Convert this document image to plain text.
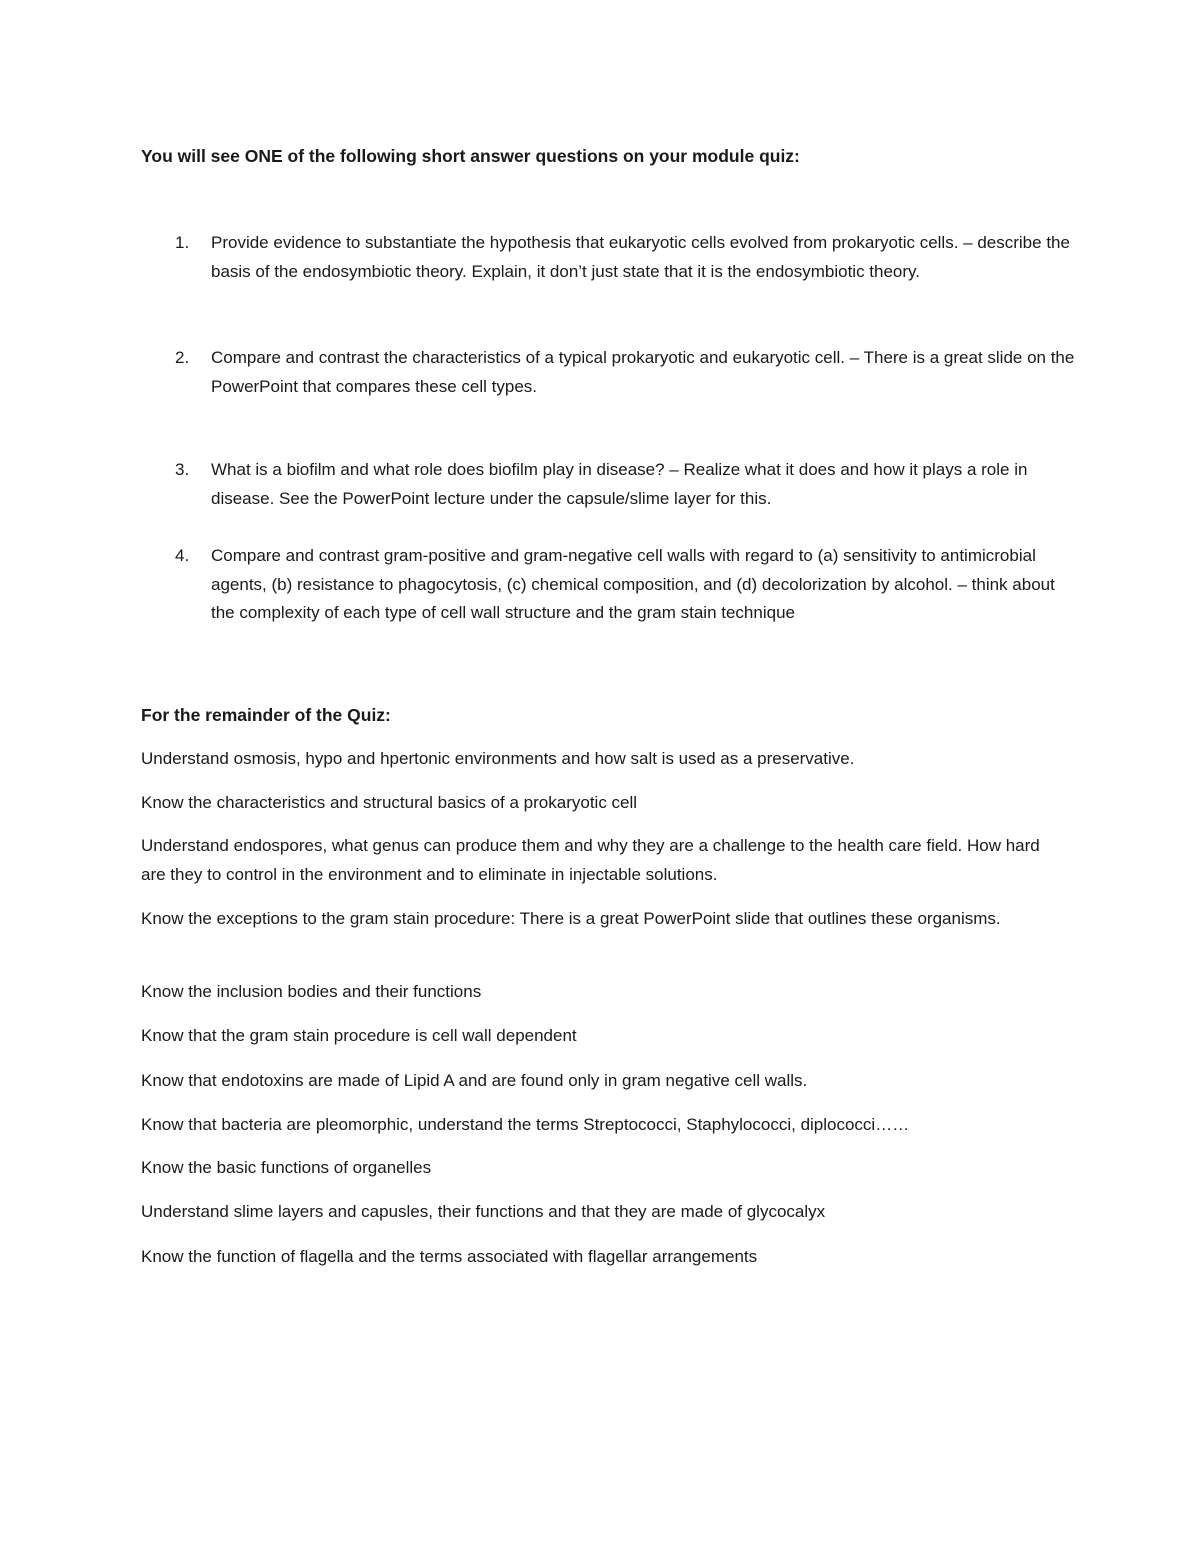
You will see ONE of the following short answer questions on your module quiz:
1. Provide evidence to substantiate the hypothesis that eukaryotic cells evolved from prokaryotic cells. – describe the basis of the endosymbiotic theory. Explain, it don’t just state that it is the endosymbiotic theory.
2. Compare and contrast the characteristics of a typical prokaryotic and eukaryotic cell. – There is a great slide on the PowerPoint that compares these cell types.
3. What is a biofilm and what role does biofilm play in disease? – Realize what it does and how it plays a role in disease. See the PowerPoint lecture under the capsule/slime layer for this.
4. Compare and contrast gram-positive and gram-negative cell walls with regard to (a) sensitivity to antimicrobial agents, (b) resistance to phagocytosis, (c) chemical composition, and (d) decolorization by alcohol. – think about the complexity of each type of cell wall structure and the gram stain technique
For the remainder of the Quiz:

Understand osmosis, hypo and hpertonic environments and how salt is used as a preservative.

Know the characteristics and structural basics of a prokaryotic cell

Understand endospores, what genus can produce them and why they are a challenge to the health care field. How hard are they to control in the environment and to eliminate in injectable solutions.

Know the exceptions to the gram stain procedure: There is a great PowerPoint slide that outlines these organisms.

Know the inclusion bodies and their functions

Know that the gram stain procedure is cell wall dependent

Know that endotoxins are made of Lipid A and are found only in gram negative cell walls.

Know that bacteria are pleomorphic, understand the terms Streptococci, Staphylococci, diplococci……

Know the basic functions of organelles

Understand slime layers and capusles, their functions and that they are made of glycocalyx

Know the function of flagella and the terms associated with flagellar arrangements
